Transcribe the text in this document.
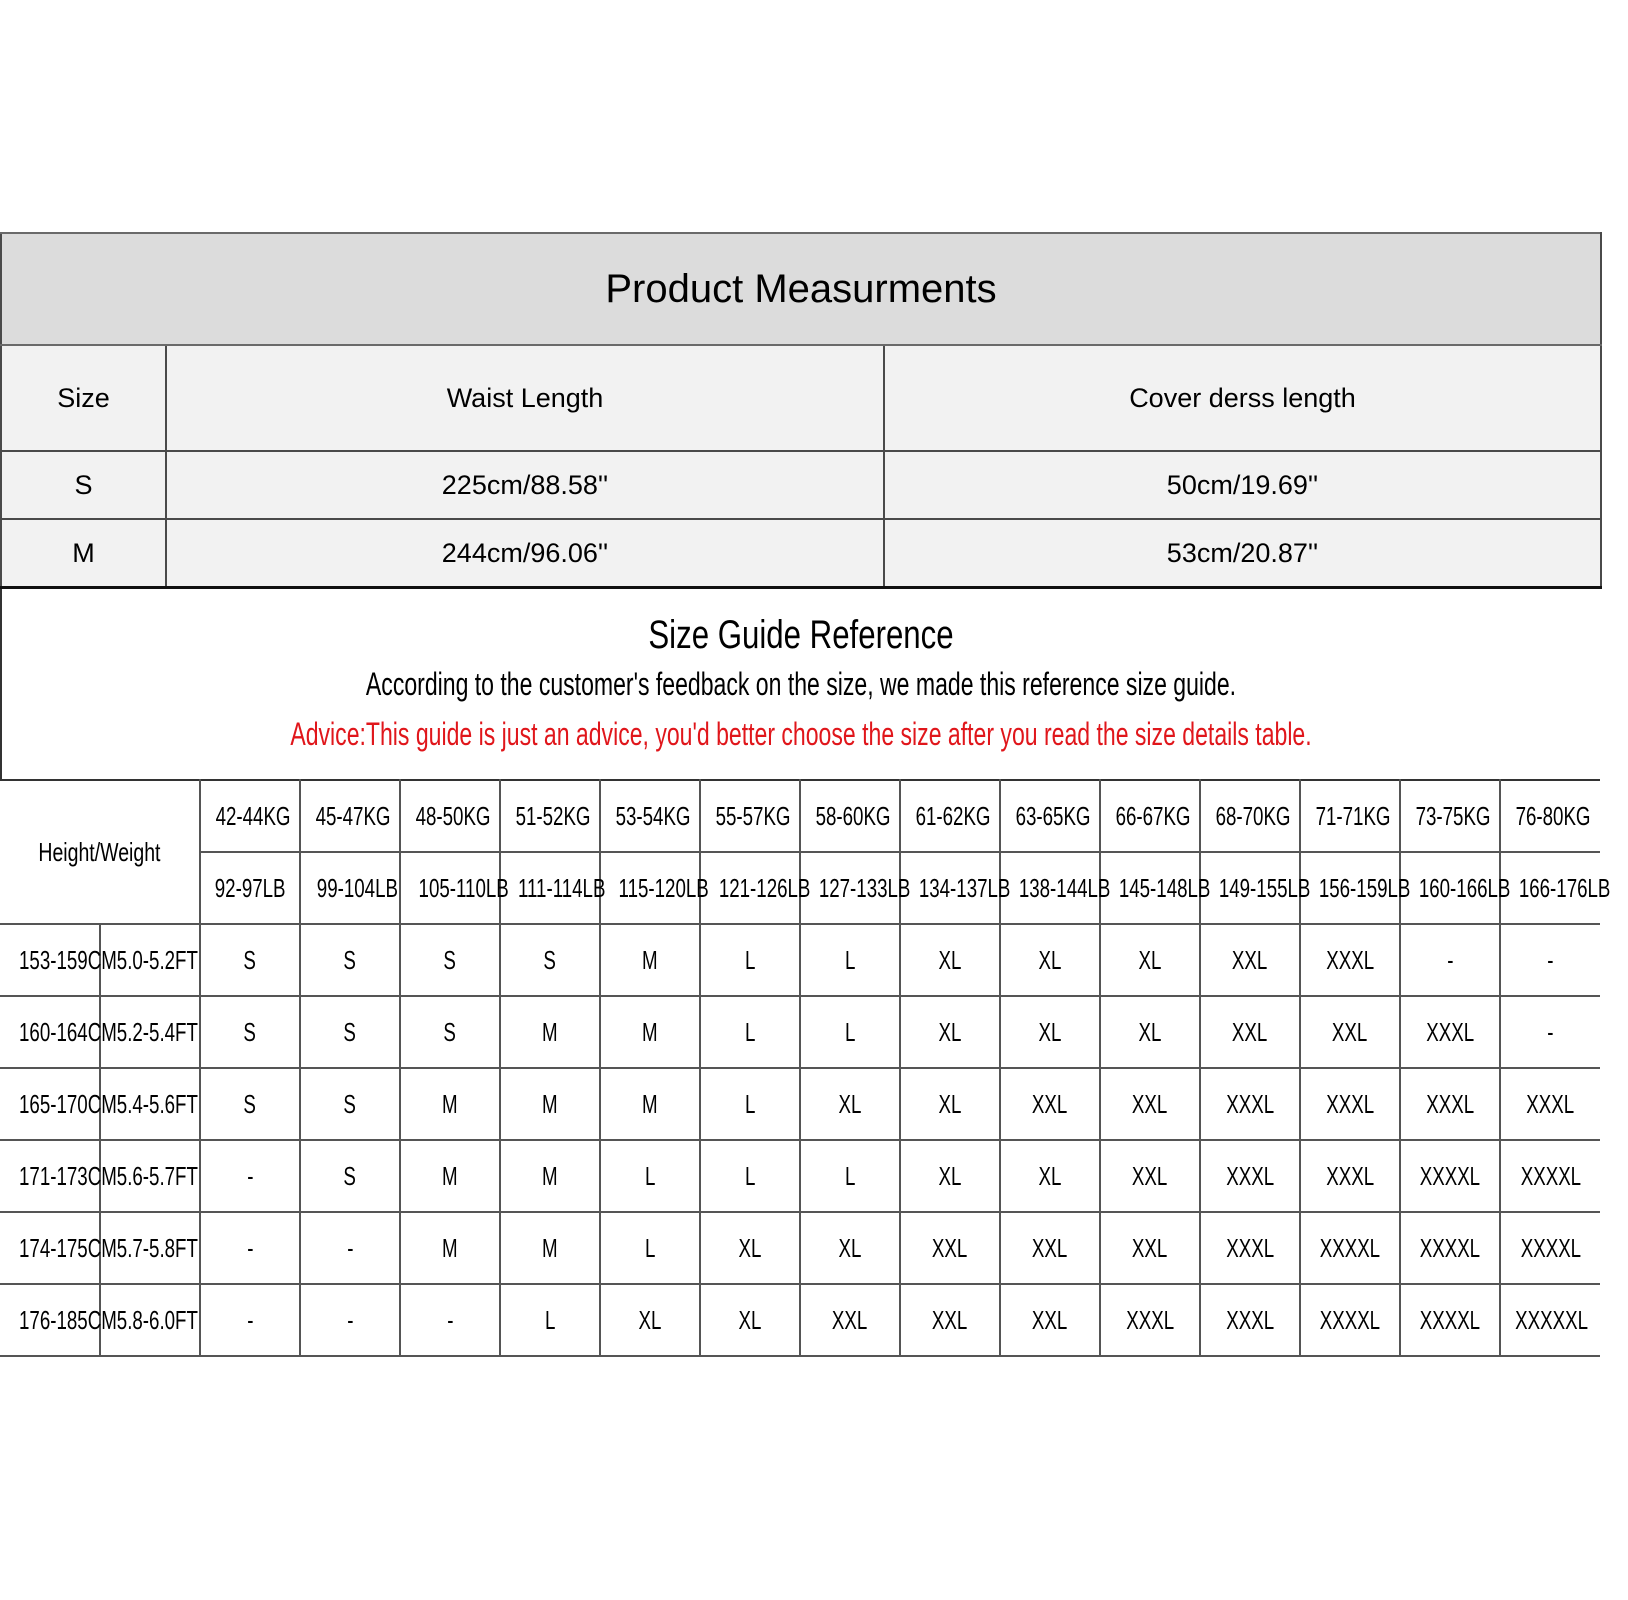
Product Measurments		
Size	Waist Length	Cover derss length
S	225cm/88.58''	50cm/19.69''
M	244cm/96.06''	53cm/20.87''
Size Guide Reference
According to the customer's feedback on the size, we made this reference size guide.
Advice:This guide is just an advice, you'd better choose the size after you read the size details table.
Height/Weight		42-44KG	45-47KG	48-50KG	51-52KG	53-54KG	55-57KG	58-60KG	61-62KG	63-65KG	66-67KG	68-70KG	71-71KG	73-75KG	76-80KG
		92-97LB	99-104LB	105-110LB	111-114LB	115-120LB	121-126LB	127-133LB	134-137LB	138-144LB	145-148LB	149-155LB	156-159LB	160-166LB	166-176LB
153-159CM	5.0-5.2FT	S	S	S	S	M	L	L	XL	XL	XL	XXL	XXXL	-	-
160-164CM	5.2-5.4FT	S	S	S	M	M	L	L	XL	XL	XL	XXL	XXL	XXXL	-
165-170CM	5.4-5.6FT	S	S	M	M	M	L	XL	XL	XXL	XXL	XXXL	XXXL	XXXL	XXXL
171-173CM	5.6-5.7FT	-	S	M	M	L	L	L	XL	XL	XXL	XXXL	XXXL	XXXXL	XXXXL
174-175CM	5.7-5.8FT	-	-	M	M	L	XL	XL	XXL	XXL	XXL	XXXL	XXXXL	XXXXL	XXXXL
176-185CM	5.8-6.0FT	-	-	-	L	XL	XL	XXL	XXL	XXL	XXXL	XXXL	XXXXL	XXXXL	XXXXXL
